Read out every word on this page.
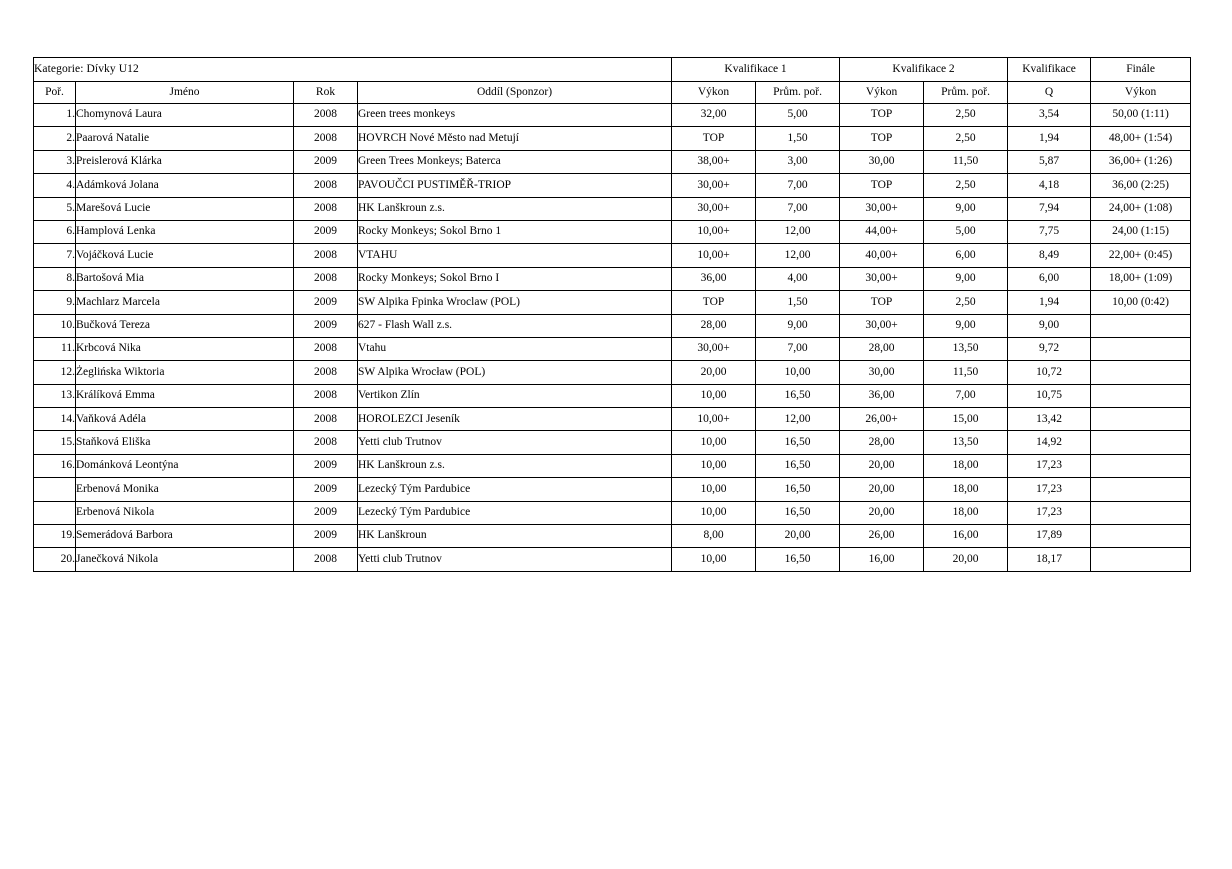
Kategorie: Dívky U12				Kvalifikace 1		Kvalifikace 2		Kvalifikace	Finále
Poř.	Jméno	Rok	Oddíl (Sponzor)	Výkon	Prům. poř.	Výkon	Prům. poř.	Q	Výkon
1.	Chomynová Laura	2008	Green trees monkeys	32,00	5,00	TOP	2,50	3,54	50,00 (1:11)
2.	Paarová Natalie	2008	HOVRCH Nové Město nad Metují	TOP	1,50	TOP	2,50	1,94	48,00+ (1:54)
3.	Preislerová Klárka	2009	Green Trees Monkeys; Baterca	38,00+	3,00	30,00	11,50	5,87	36,00+ (1:26)
4.	Adámková Jolana	2008	PAVOUČCI PUSTIMĚŘ-TRIOP	30,00+	7,00	TOP	2,50	4,18	36,00 (2:25)
5.	Marešová Lucie	2008	HK Lanškroun z.s.	30,00+	7,00	30,00+	9,00	7,94	24,00+ (1:08)
6.	Hamplová Lenka	2009	Rocky Monkeys; Sokol Brno 1	10,00+	12,00	44,00+	5,00	7,75	24,00 (1:15)
7.	Vojáčková Lucie	2008	VTAHU	10,00+	12,00	40,00+	6,00	8,49	22,00+ (0:45)
8.	Bartošová Mia	2008	Rocky Monkeys; Sokol Brno I	36,00	4,00	30,00+	9,00	6,00	18,00+ (1:09)
9.	Machlarz Marcela	2009	SW Alpika Fpinka Wroclaw (POL)	TOP	1,50	TOP	2,50	1,94	10,00 (0:42)
10.	Bučková Tereza	2009	627 - Flash Wall z.s.	28,00	9,00	30,00+	9,00	9,00	
11.	Krbcová Nika	2008	Vtahu	30,00+	7,00	28,00	13,50	9,72	
12.	Żeglińska Wiktoria	2008	SW Alpika Wrocław (POL)	20,00	10,00	30,00	11,50	10,72	
13.	Králíková Emma	2008	Vertikon Zlín	10,00	16,50	36,00	7,00	10,75	
14.	Vaňková Adéla	2008	HOROLEZCI Jeseník	10,00+	12,00	26,00+	15,00	13,42	
15.	Staňková Eliška	2008	Yetti club Trutnov	10,00	16,50	28,00	13,50	14,92	
16.	Dománková Leontýna	2009	HK Lanškroun z.s.	10,00	16,50	20,00	18,00	17,23	
	Erbenová Monika	2009	Lezecký Tým Pardubice	10,00	16,50	20,00	18,00	17,23	
	Erbenová Nikola	2009	Lezecký Tým Pardubice	10,00	16,50	20,00	18,00	17,23	
19.	Semerádová Barbora	2009	HK Lanškroun	8,00	20,00	26,00	16,00	17,89	
20.	Janečková Nikola	2008	Yetti club Trutnov	10,00	16,50	16,00	20,00	18,17	
